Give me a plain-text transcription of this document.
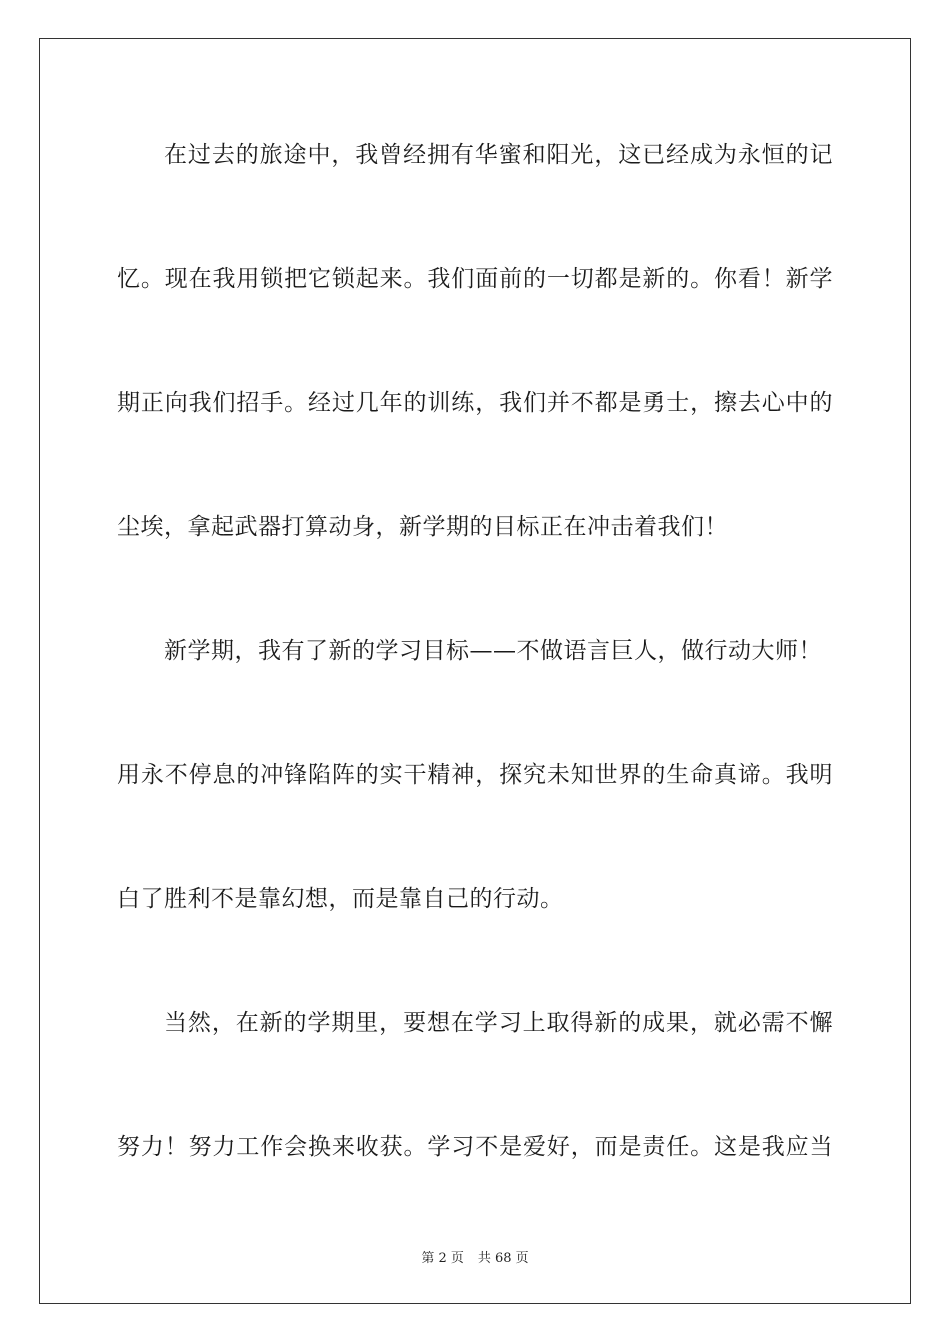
在过去的旅途中，我曾经拥有华蜜和阳光，这已经成为永恒的记
忆。现在我用锁把它锁起来。我们面前的一切都是新的。你看！新学
期正向我们招手。经过几年的训练，我们并不都是勇士，擦去心中的
尘埃，拿起武器打算动身，新学期的目标正在冲击着我们！
新学期，我有了新的学习目标——不做语言巨人，做行动大师！
用永不停息的冲锋陷阵的实干精神，探究未知世界的生命真谛。我明
白了胜利不是靠幻想，而是靠自己的行动。
当然，在新的学期里，要想在学习上取得新的成果，就必需不懈
努力！努力工作会换来收获。学习不是爱好，而是责任。这是我应当
第 2 页 共 68 页
